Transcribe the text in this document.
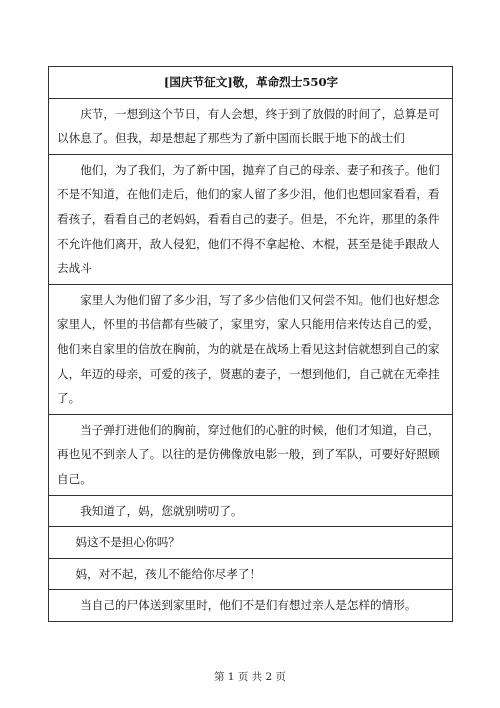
[国庆节征文]敬，革命烈士550字
庆节，一想到这个节日，有人会想，终于到了放假的时间了，总算是可以休息了。但我，却是想起了那些为了新中国而长眠于地下的战士们
他们，为了我们，为了新中国，抛弃了自己的母亲、妻子和孩子。他们不是不知道，在他们走后，他们的家人留了多少泪，他们也想回家看看，看看孩子，看看自己的老妈妈，看看自己的妻子。但是，不允许，那里的条件不允许他们离开，敌人侵犯，他们不得不拿起枪、木棍，甚至是徒手跟敌人去战斗
家里人为他们留了多少泪，写了多少信他们又何尝不知。他们也好想念家里人，怀里的书信都有些破了，家里穷，家人只能用信来传达自己的爱，他们来自家里的信放在胸前，为的就是在战场上看见这封信就想到自己的家人，年迈的母亲，可爱的孩子，贤惠的妻子，一想到他们，自己就在无牵挂了。
当子弹打进他们的胸前，穿过他们的心脏的时候，他们才知道，自己，再也见不到亲人了。以往的是仿佛像放电影一般，到了军队，可要好好照顾自己。
我知道了，妈，您就别唠叨了。
妈这不是担心你吗？
妈，对不起，孩儿不能给你尽孝了！
当自己的尸体送到家里时，他们不是们有想过亲人是怎样的情形。
第 1 页 共 2 页
